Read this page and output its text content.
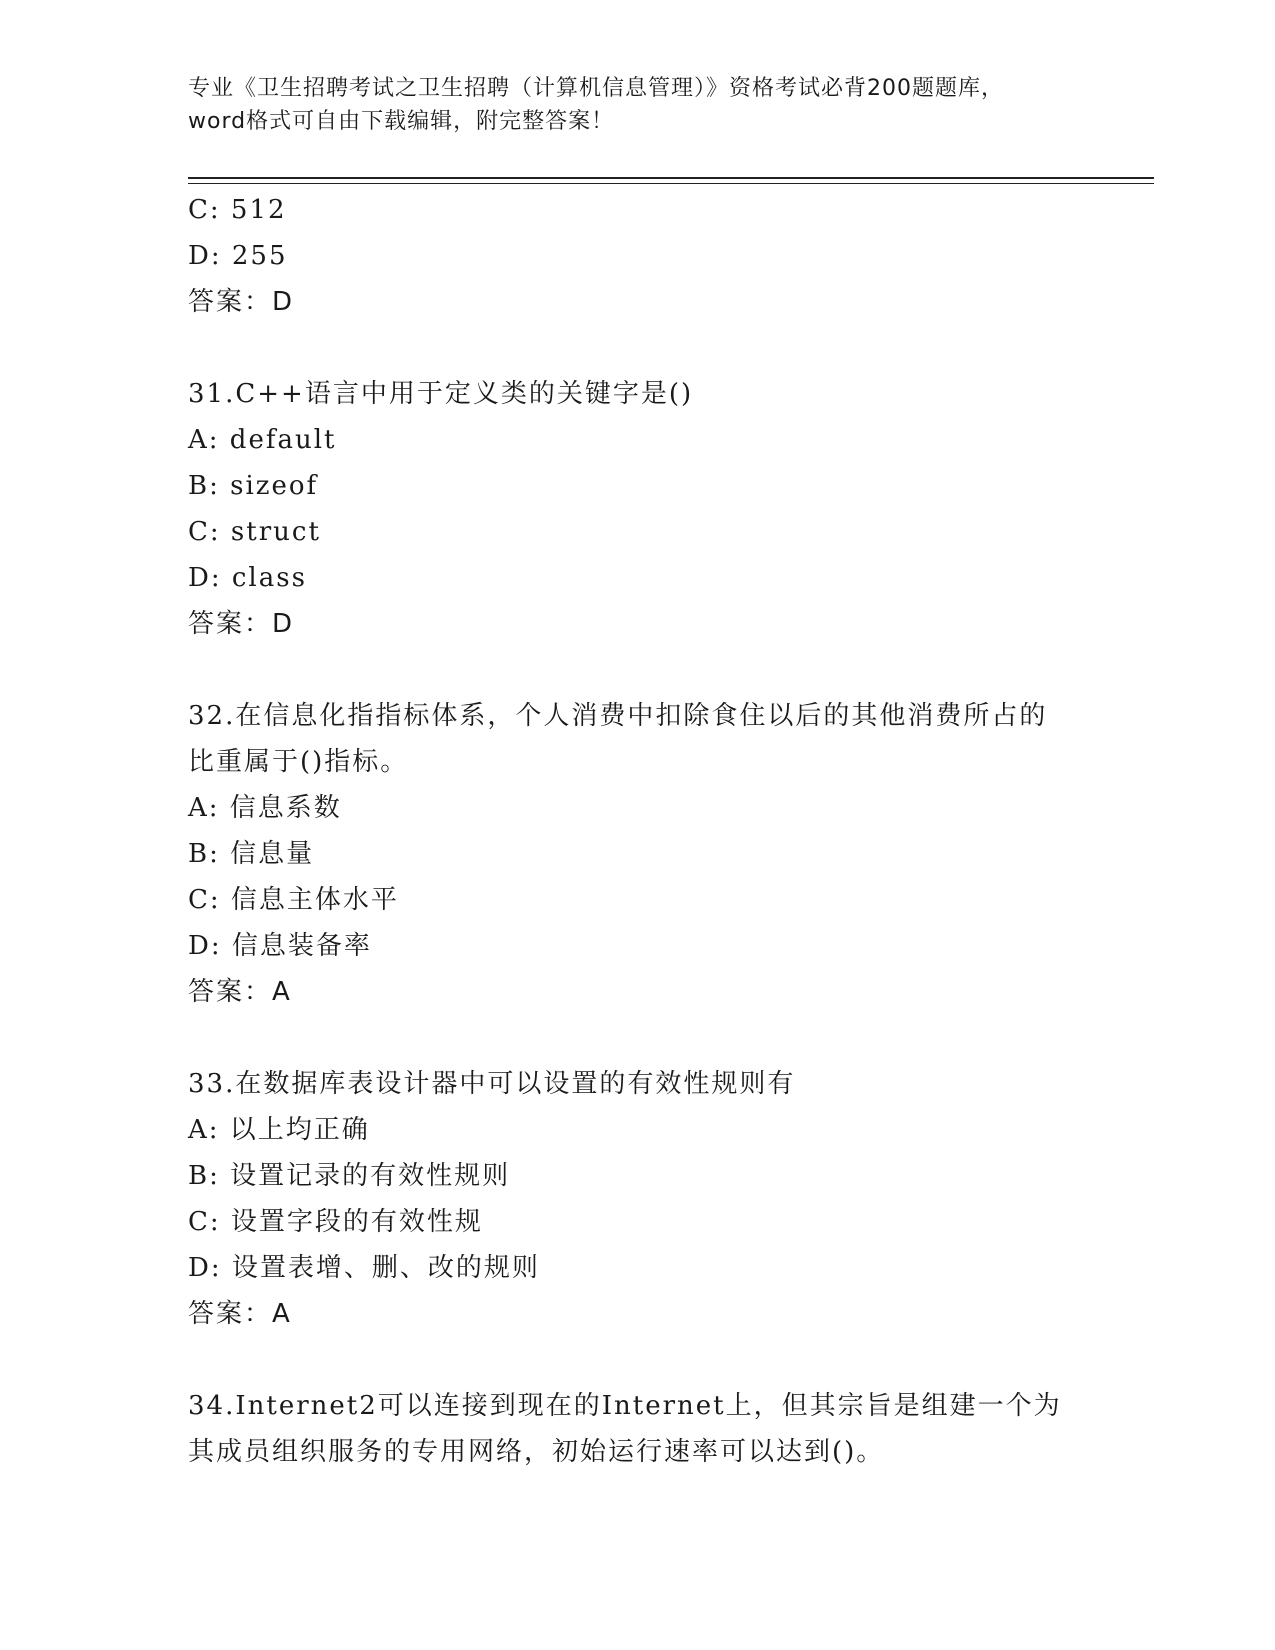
专业《卫生招聘考试之卫生招聘（计算机信息管理）》资格考试必背200题题库，
word格式可自由下载编辑，附完整答案！
C: 512
D: 255
答案：D
31.C++语言中用于定义类的关键字是()
A: default
B: sizeof
C: struct
D: class
答案：D
32.在信息化指指标体系，个人消费中扣除食住以后的其他消费所占的
比重属于()指标。
A: 信息系数
B: 信息量
C: 信息主体水平
D: 信息装备率
答案：A
33.在数据库表设计器中可以设置的有效性规则有
A: 以上均正确
B: 设置记录的有效性规则
C: 设置字段的有效性规
D: 设置表增、删、改的规则
答案：A
34.Internet2可以连接到现在的Internet上，但其宗旨是组建一个为
其成员组织服务的专用网络，初始运行速率可以达到()。
